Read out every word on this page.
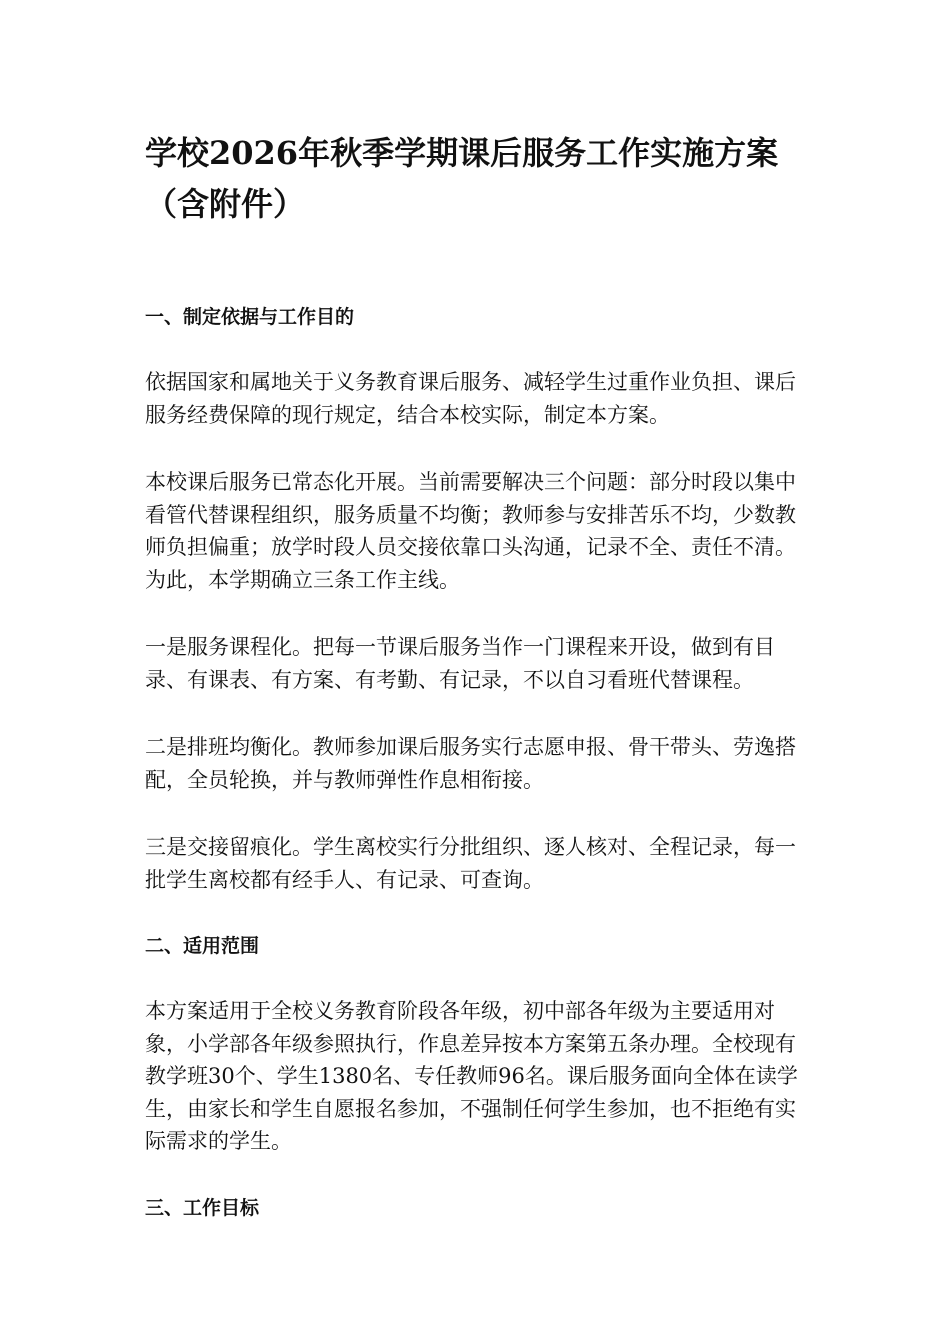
学校2026年秋季学期课后服务工作实施方案（含附件）
一、制定依据与工作目的

依据国家和属地关于义务教育课后服务、减轻学生过重作业负担、课后服务经费保障的现行规定，结合本校实际，制定本方案。

本校课后服务已常态化开展。当前需要解决三个问题：部分时段以集中看管代替课程组织，服务质量不均衡；教师参与安排苦乐不均，少数教师负担偏重；放学时段人员交接依靠口头沟通，记录不全、责任不清。为此，本学期确立三条工作主线。

一是服务课程化。把每一节课后服务当作一门课程来开设，做到有目录、有课表、有方案、有考勤、有记录，不以自习看班代替课程。

二是排班均衡化。教师参加课后服务实行志愿申报、骨干带头、劳逸搭配，全员轮换，并与教师弹性作息相衔接。

三是交接留痕化。学生离校实行分批组织、逐人核对、全程记录，每一批学生离校都有经手人、有记录、可查询。

二、适用范围

本方案适用于全校义务教育阶段各年级，初中部各年级为主要适用对象，小学部各年级参照执行，作息差异按本方案第五条办理。全校现有教学班30个、学生1380名、专任教师96名。课后服务面向全体在读学生，由家长和学生自愿报名参加，不强制任何学生参加，也不拒绝有实际需求的学生。

三、工作目标
